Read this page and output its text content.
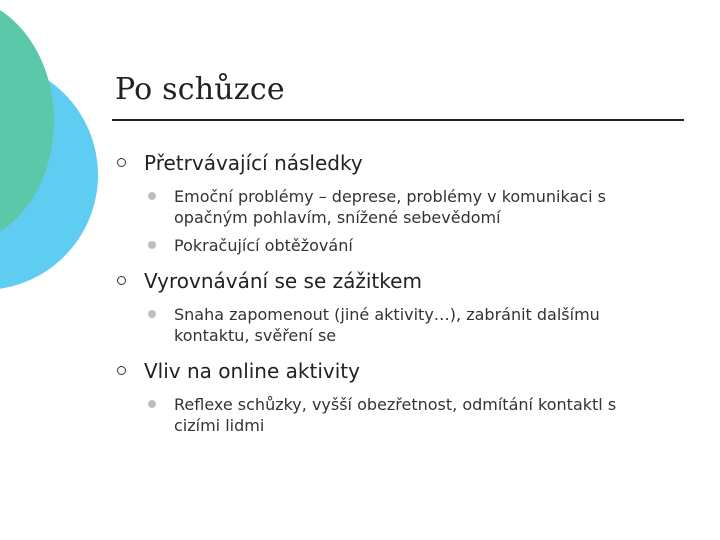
Po schůzce
Přetrvávající následky
Emoční problémy – deprese, problémy v komunikaci s opačným pohlavím, snížené sebevědomí
Pokračující obtěžování
Vyrovnávání se se zážitkem
Snaha zapomenout (jiné aktivity…), zabránit dalšímu kontaktu, svěření se
Vliv na online aktivity
Reflexe schůzky, vyšší obezřetnost, odmítání kontaktl s cizími lidmi
